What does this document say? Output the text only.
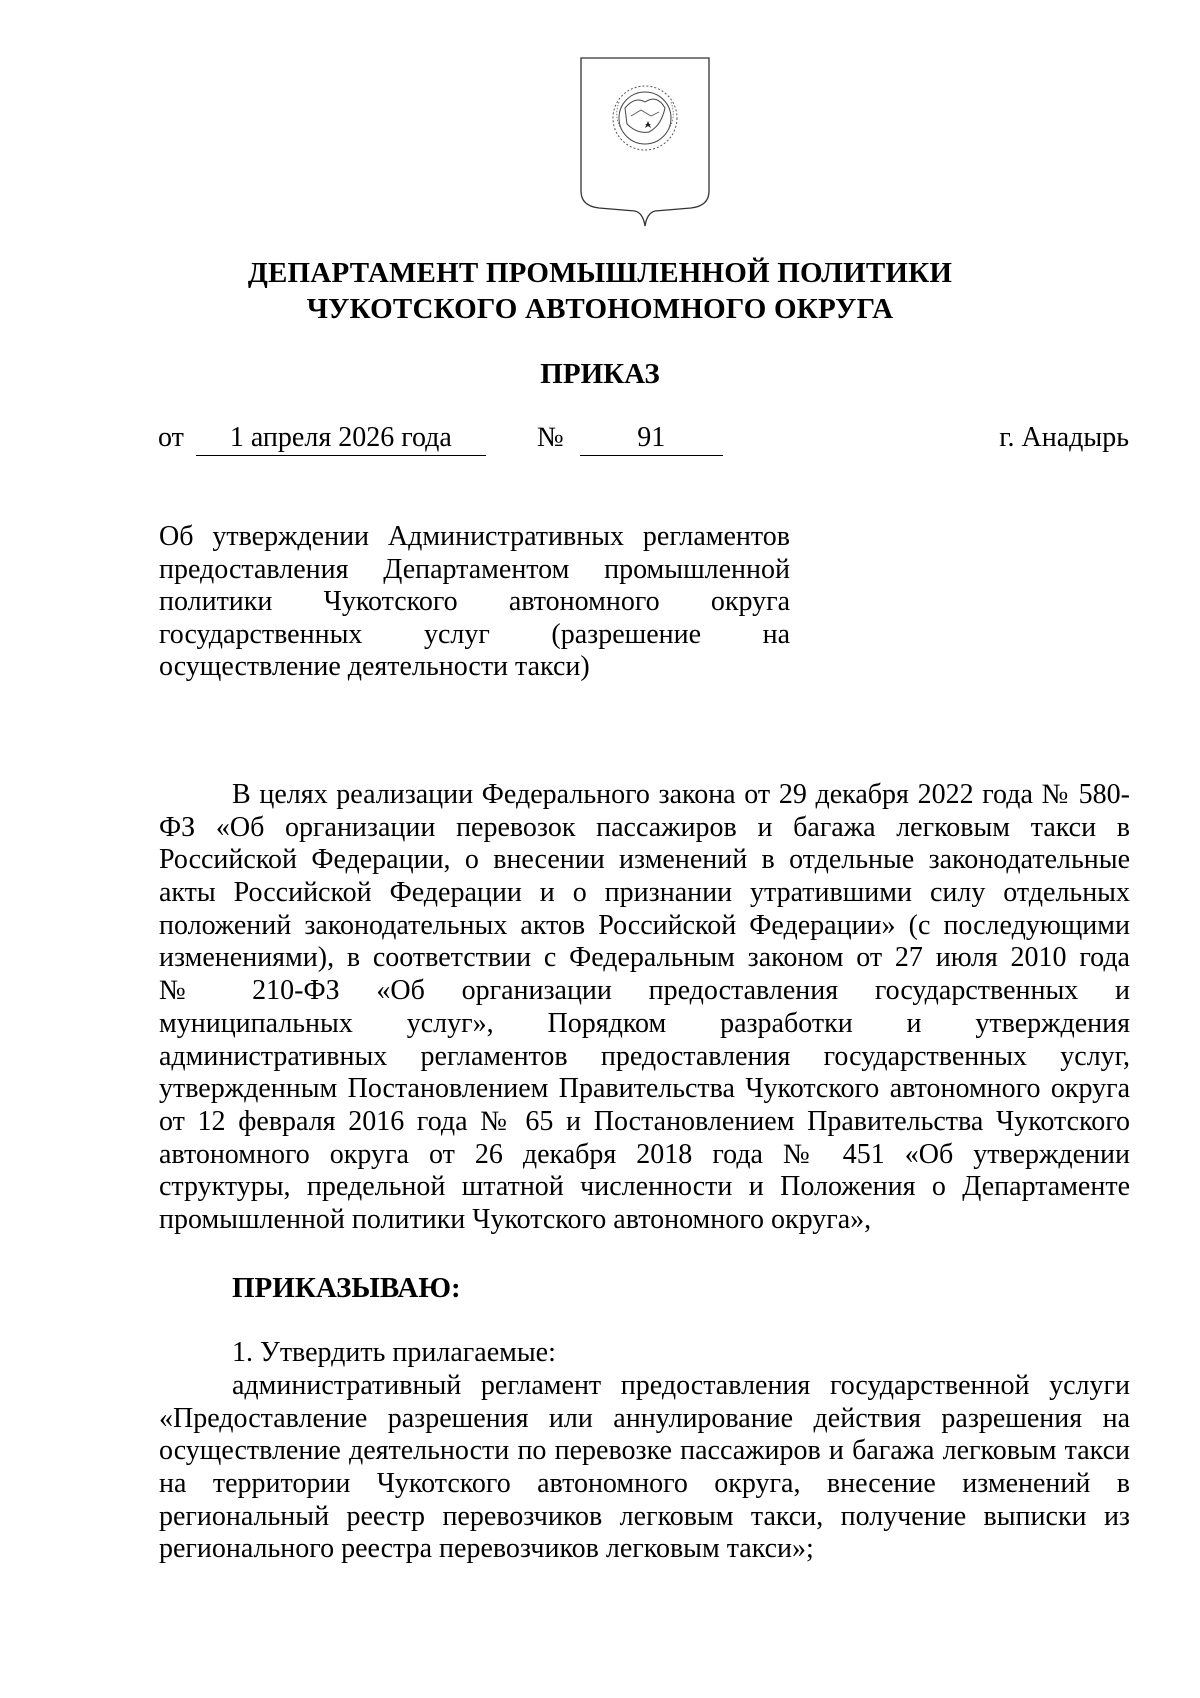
ДЕПАРТАМЕНТ ПРОМЫШЛЕННОЙ ПОЛИТИКИ
ЧУКОТСКОГО АВТОНОМНОГО ОКРУГА
ПРИКАЗ
от 1 апреля 2026 года	№	91	г. Анадырь
Об утверждении Административных регламентов
предоставления Департаментом промышленной
политики Чукотского автономного округа
государственных услуг (разрешение на
осуществление деятельности такси)
В целях реализации Федерального закона от 29 декабря 2022 года № 580-
ФЗ «Об организации перевозок пассажиров и багажа легковым такси в
Российской Федерации, о внесении изменений в отдельные законодательные
акты Российской Федерации и о признании утратившими силу отдельных
положений законодательных актов Российской Федерации» (с последующими
изменениями), в соответствии с Федеральным законом от 27 июля 2010 года
№ 210-ФЗ «Об организации предоставления государственных и
муниципальных услуг», Порядком разработки и утверждения
административных регламентов предоставления государственных услуг,
утвержденным Постановлением Правительства Чукотского автономного округа
от 12 февраля 2016 года № 65 и Постановлением Правительства Чукотского
автономного округа от 26 декабря 2018 года № 451 «Об утверждении
структуры, предельной штатной численности и Положения о Департаменте
промышленной политики Чукотского автономного округа»,
ПРИКАЗЫВАЮ:
1. Утвердить прилагаемые:
административный регламент предоставления государственной услуги
«Предоставление разрешения или аннулирование действия разрешения на
осуществление деятельности по перевозке пассажиров и багажа легковым такси
на территории Чукотского автономного округа, внесение изменений в
региональный реестр перевозчиков легковым такси, получение выписки из
регионального реестра перевозчиков легковым такси»;
